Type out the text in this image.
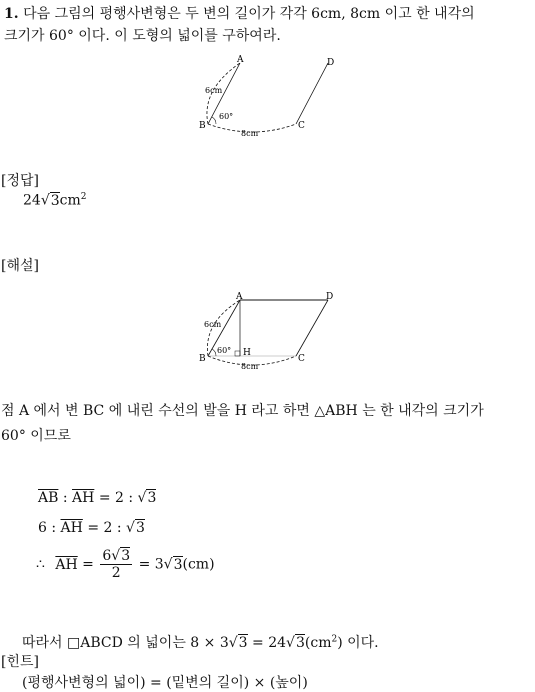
1. 다음 그림의 평행사변형은 두 변의 길이가 각각 6cm, 8cm 이고 한 내각의
크기가 60° 이다. 이 도형의 넓이를 구하여라.
A
B	C
D
6cm
8cm
60°
[정답]
$24√3cm^2$
[해설]
A
B	C
D
H
6cm
8cm
60°
점 A 에서 변 BC 에 내린 수선의 발을 H 라고 하면 △ABH 는 한 내각의 크기가
60° 이므로
$\overline{AB}$ : $\overline{AH} = 2$ : √3
6 : $\overline{AH} = 2$ : √3
∴ $\overline{AH} = \frac{6√3}{2} = 3√3(cm)$
따라서 □ABCD 의 넓이는 $8 \times 3√3 = 24√3(cm^2)$ 이다.
[힌트]
(평행사변형의 넓이) = (밑변의 길이) × (높이)
